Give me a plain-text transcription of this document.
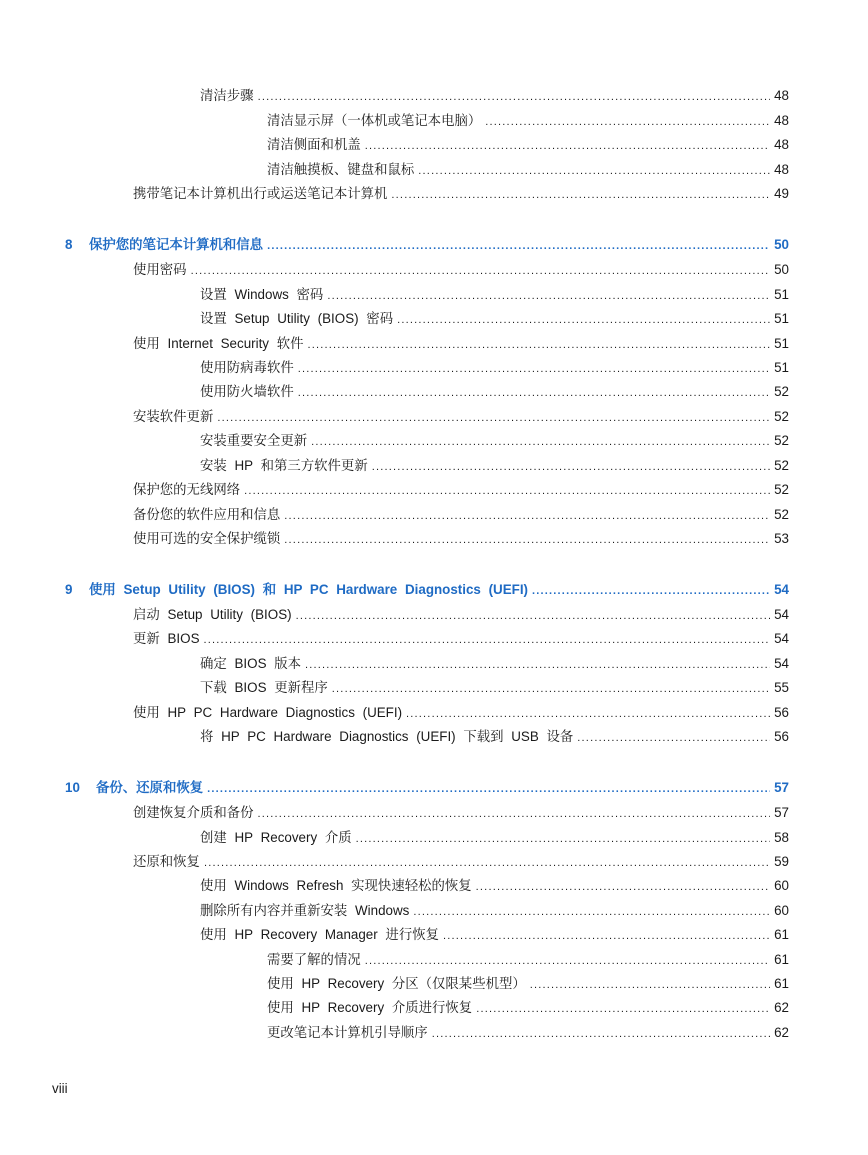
清洁步骤 .....	48
清洁显示屏（一体机或笔记本电脑） .....	48
清洁侧面和机盖 .....	48
清洁触摸板、键盘和鼠标 .....	48
携带笔记本计算机出行或运送笔记本计算机 .....	49
8	保护您的笔记本计算机和信息 .....	50
使用密码 .....	50
设置 Windows 密码 .....	51
设置 Setup Utility (BIOS) 密码 .....	51
使用 Internet Security 软件 .....	51
使用防病毒软件 .....	51
使用防火墙软件 .....	52
安装软件更新 .....	52
安装重要安全更新 .....	52
安装 HP 和第三方软件更新 .....	52
保护您的无线网络 .....	52
备份您的软件应用和信息 .....	52
使用可选的安全保护缆锁 .....	53
9	使用 Setup Utility (BIOS) 和 HP PC Hardware Diagnostics (UEFI) .....	54
启动 Setup Utility (BIOS) .....	54
更新 BIOS .....	54
确定 BIOS 版本 .....	54
下载 BIOS 更新程序 .....	55
使用 HP PC Hardware Diagnostics (UEFI) .....	56
将 HP PC Hardware Diagnostics (UEFI) 下载到 USB 设备 .....	56
10	备份、还原和恢复 .....	57
创建恢复介质和备份 .....	57
创建 HP Recovery 介质 .....	58
还原和恢复 .....	59
使用 Windows Refresh 实现快速轻松的恢复 .....	60
删除所有内容并重新安装 Windows .....	60
使用 HP Recovery Manager 进行恢复 .....	61
需要了解的情况 .....	61
使用 HP Recovery 分区（仅限某些机型） .....	61
使用 HP Recovery 介质进行恢复 .....	62
更改笔记本计算机引导顺序 .....	62
viii
